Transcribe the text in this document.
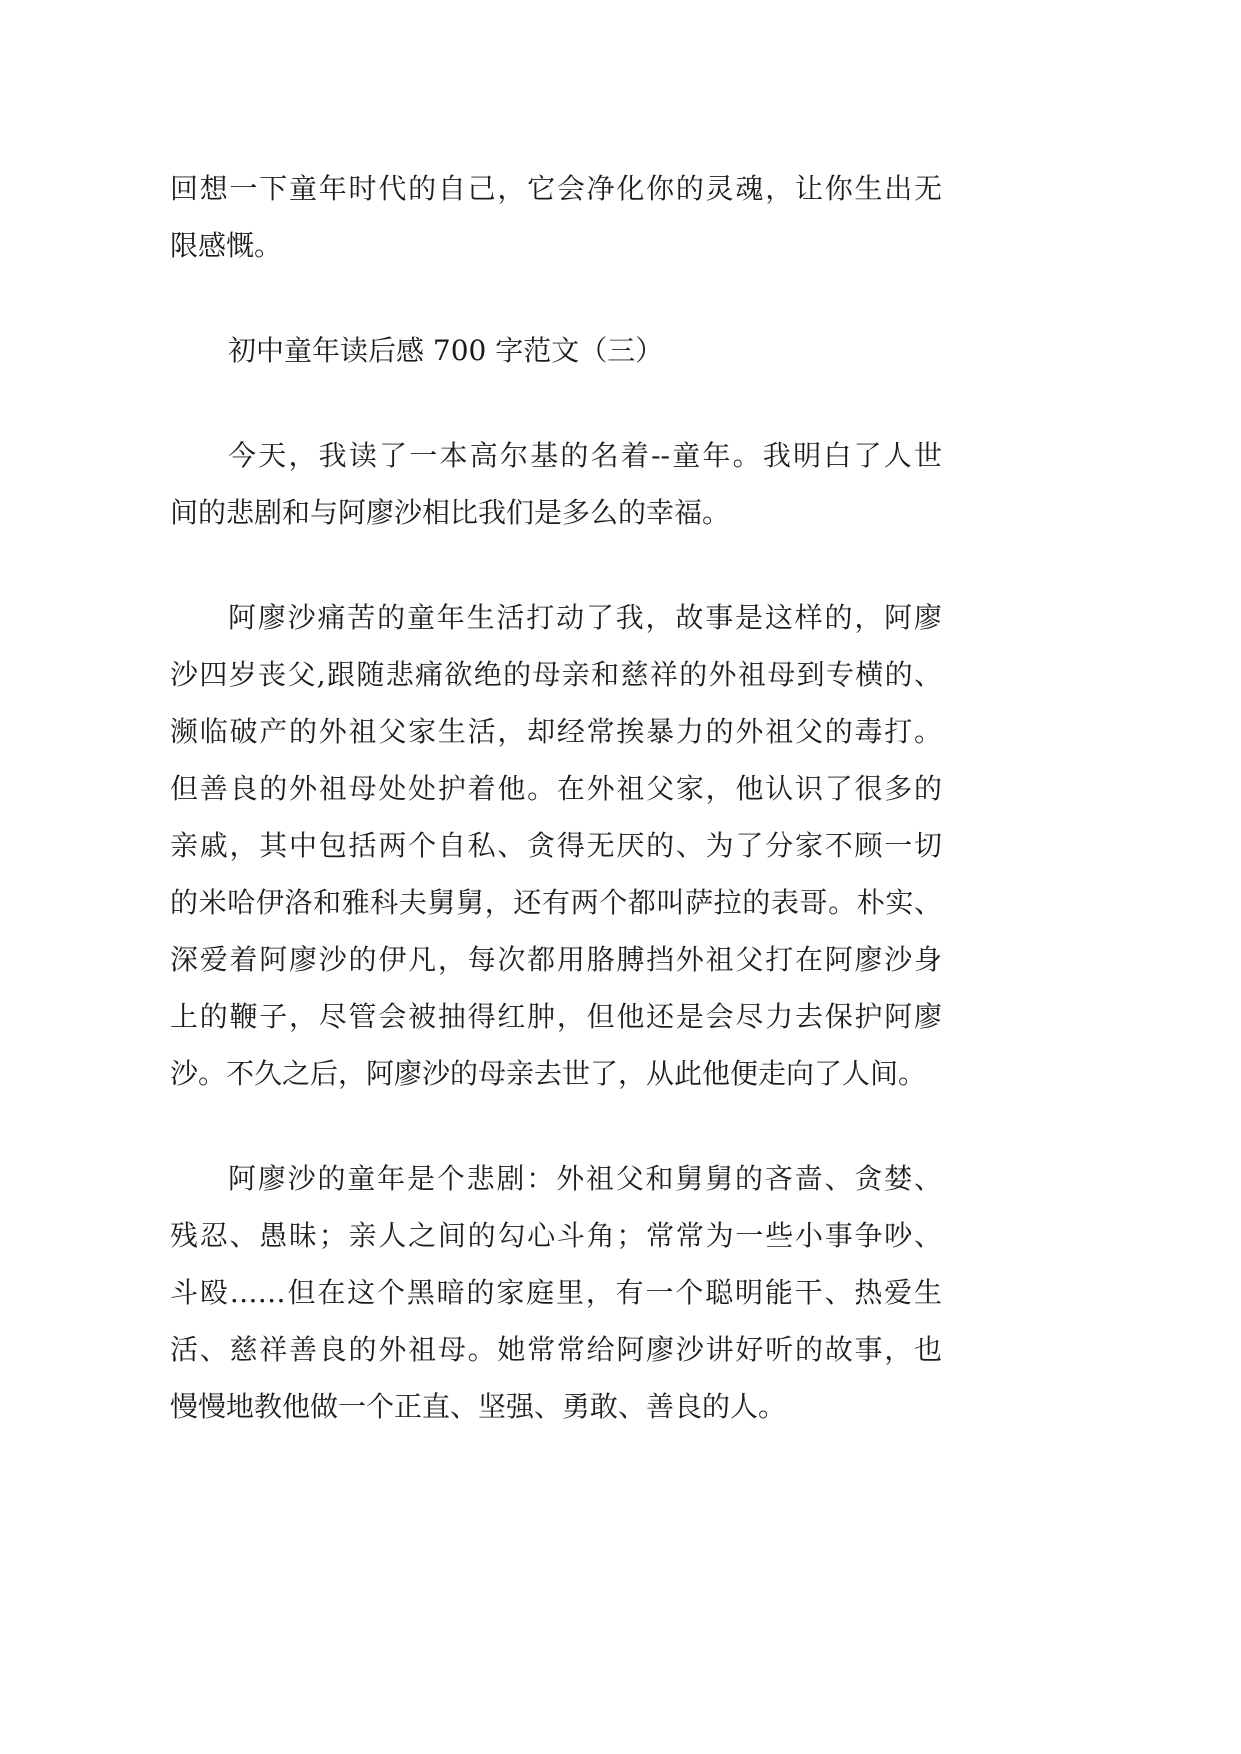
回想一下童年时代的自己，它会净化你的灵魂，让你生出无
限感慨。
初中童年读后感 700 字范文（三）
今天，我读了一本高尔基的名着--童年。我明白了人世
间的悲剧和与阿廖沙相比我们是多么的幸福。
阿廖沙痛苦的童年生活打动了我，故事是这样的，阿廖
沙四岁丧父,跟随悲痛欲绝的母亲和慈祥的外祖母到专横的、
濒临破产的外祖父家生活，却经常挨暴力的外祖父的毒打。
但善良的外祖母处处护着他。在外祖父家，他认识了很多的
亲戚，其中包括两个自私、贪得无厌的、为了分家不顾一切
的米哈伊洛和雅科夫舅舅，还有两个都叫萨拉的表哥。朴实、
深爱着阿廖沙的伊凡，每次都用胳膊挡外祖父打在阿廖沙身
上的鞭子，尽管会被抽得红肿，但他还是会尽力去保护阿廖
沙。不久之后，阿廖沙的母亲去世了，从此他便走向了人间。
阿廖沙的童年是个悲剧：外祖父和舅舅的吝啬、贪婪、
残忍、愚昧；亲人之间的勾心斗角；常常为一些小事争吵、
斗殴……但在这个黑暗的家庭里，有一个聪明能干、热爱生
活、慈祥善良的外祖母。她常常给阿廖沙讲好听的故事，也
慢慢地教他做一个正直、坚强、勇敢、善良的人。
